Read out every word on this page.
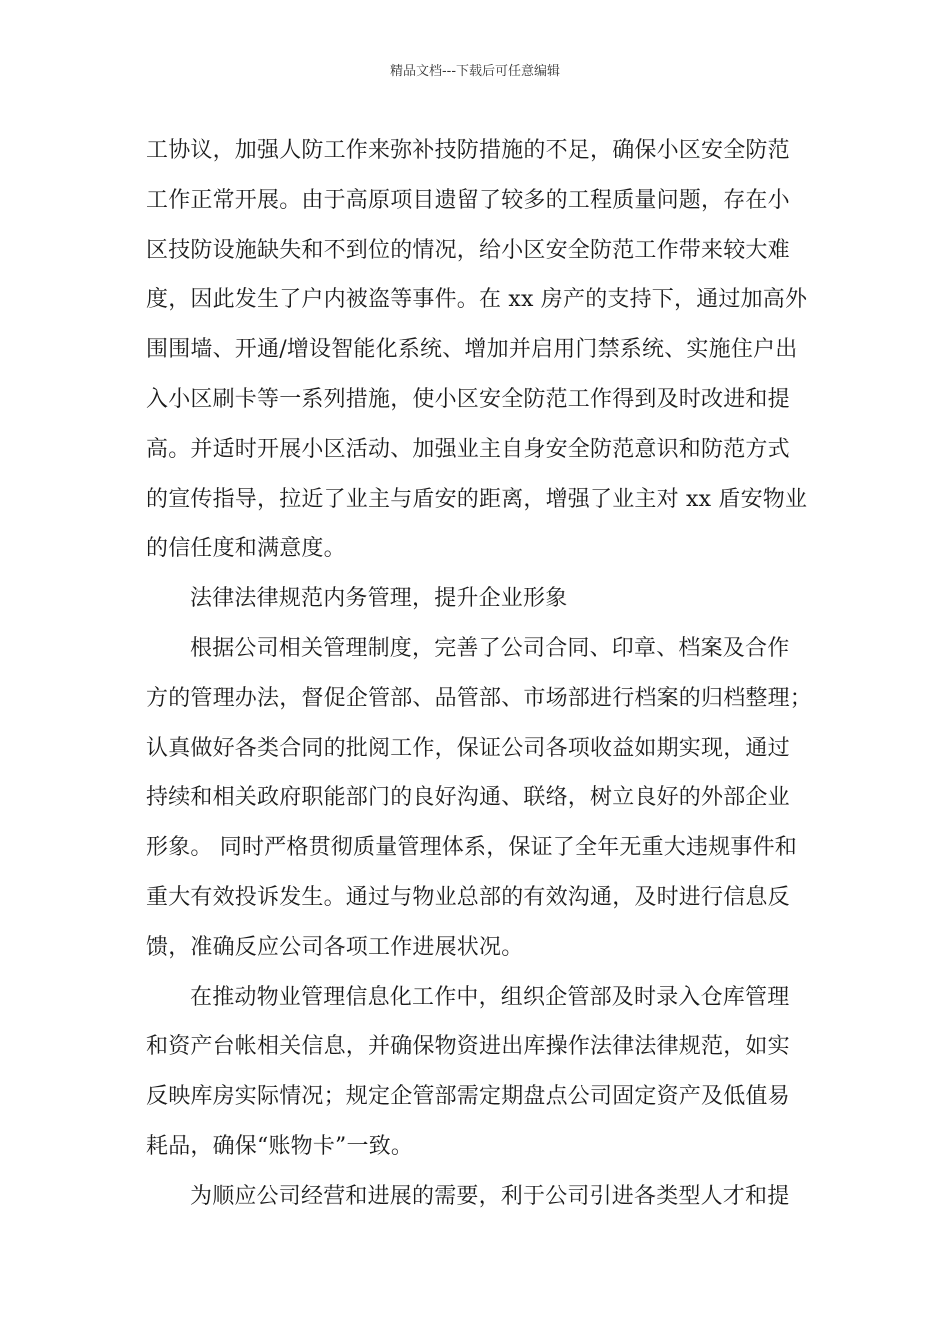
精品文档---下载后可任意编辑
工协议，加强人防工作来弥补技防措施的不足，确保小区安全防范
工作正常开展。由于高原项目遗留了较多的工程质量问题，存在小
区技防设施缺失和不到位的情况，给小区安全防范工作带来较大难
度，因此发生了户内被盗等事件。在 xx 房产的支持下，通过加高外
围围墙、开通/增设智能化系统、增加并启用门禁系统、实施住户出
入小区刷卡等一系列措施，使小区安全防范工作得到及时改进和提
高。并适时开展小区活动、加强业主自身安全防范意识和防范方式
的宣传指导，拉近了业主与盾安的距离，增强了业主对 xx 盾安物业
的信任度和满意度。
法律法律规范内务管理，提升企业形象
根据公司相关管理制度，完善了公司合同、印章、档案及合作
方的管理办法，督促企管部、品管部、市场部进行档案的归档整理；
认真做好各类合同的批阅工作，保证公司各项收益如期实现，通过
持续和相关政府职能部门的良好沟通、联络，树立良好的外部企业
形象。 同时严格贯彻质量管理体系，保证了全年无重大违规事件和
重大有效投诉发生。通过与物业总部的有效沟通，及时进行信息反
馈，准确反应公司各项工作进展状况。
在推动物业管理信息化工作中，组织企管部及时录入仓库管理
和资产台帐相关信息，并确保物资进出库操作法律法律规范，如实
反映库房实际情况；规定企管部需定期盘点公司固定资产及低值易
耗品，确保“账物卡”一致。
为顺应公司经营和进展的需要，利于公司引进各类型人才和提
